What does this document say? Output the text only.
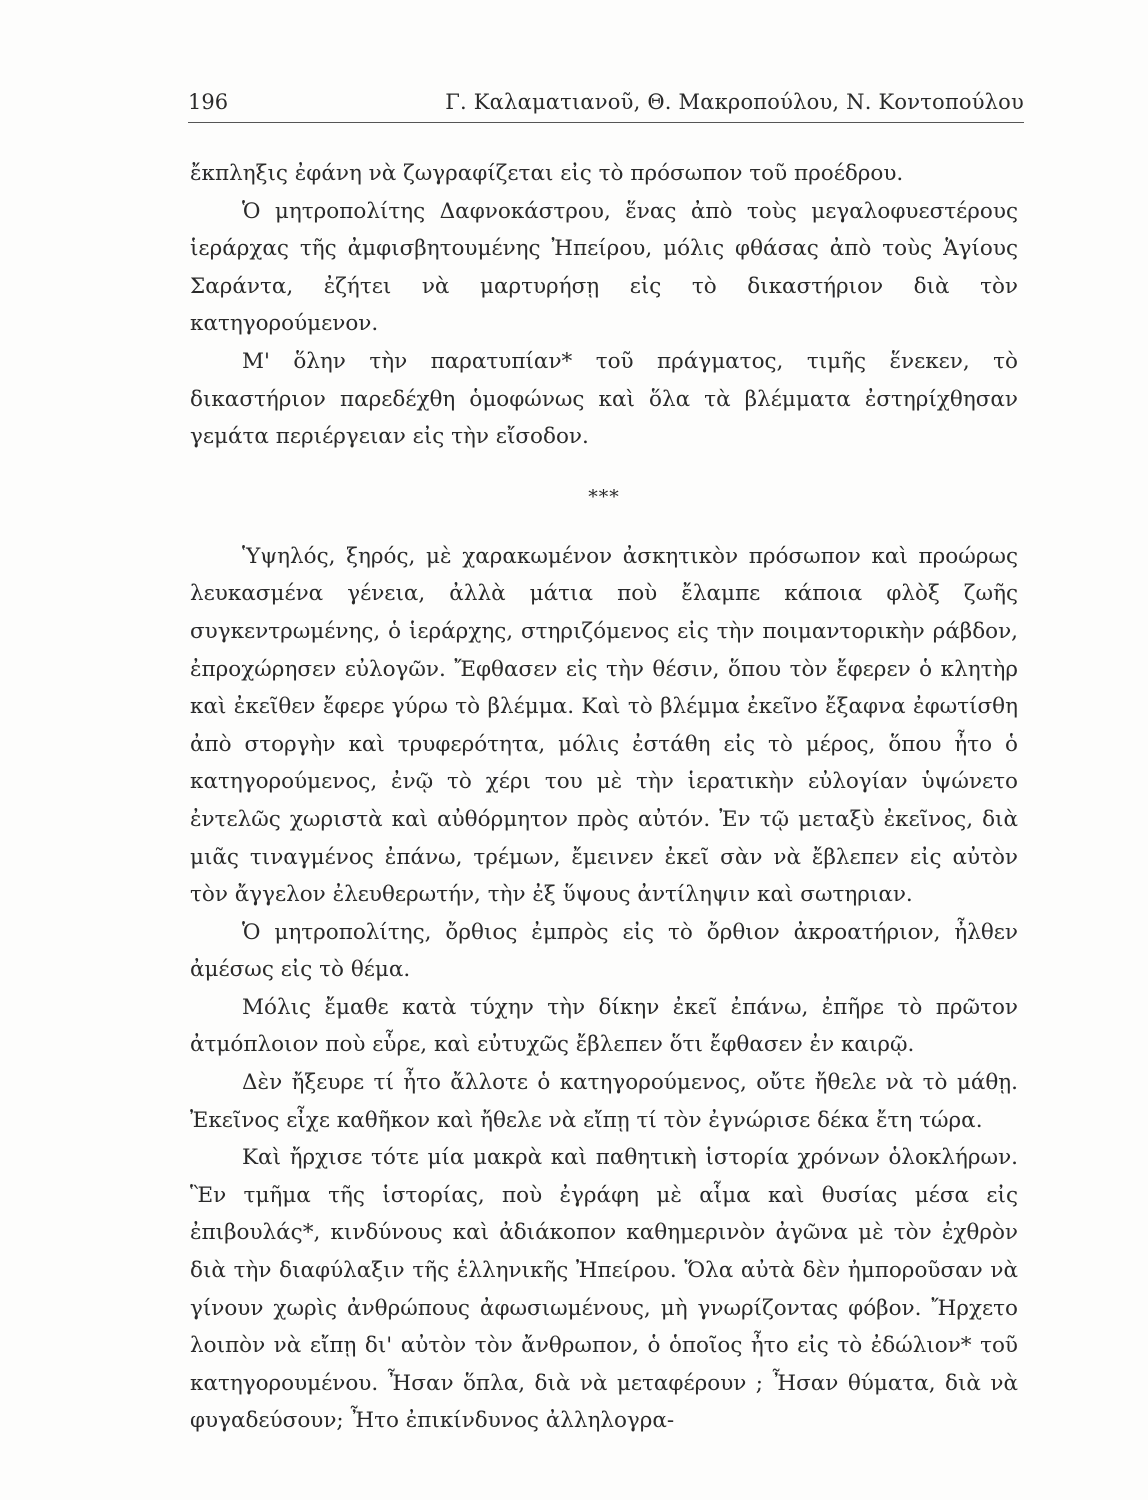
196	Γ. Καλαματιανοῦ, Θ. Μακροπούλου, Ν. Κοντοπούλου

ἔκπληξις ἐφάνη νὰ ζωγραφίζεται εἰς τὸ πρόσωπον τοῦ προέδρου.

Ὁ μητροπολίτης Δαφνοκάστρου, ἕνας ἀπὸ τοὺς μεγαλοφυεστέρους ἱεράρχας τῆς ἀμφισβητουμένης Ἠπείρου, μόλις φθάσας ἀπὸ τοὺς Ἁγίους Σαράντα, ἐζήτει νὰ μαρτυρήσῃ εἰς τὸ δικαστήριον διὰ τὸν κατηγορούμενον.

Μ' ὅλην τὴν παρατυπίαν* τοῦ πράγματος, τιμῆς ἕνεκεν, τὸ δικαστήριον παρεδέχθη ὁμοφώνως καὶ ὅλα τὰ βλέμματα ἐστηρίχθησαν γεμάτα περιέργειαν εἰς τὴν εἴσοδον.

***

Ὑψηλός, ξηρός, μὲ χαρακωμένον ἀσκητικὸν πρόσωπον καὶ προώρως λευκασμένα γένεια, ἀλλὰ μάτια ποὺ ἔλαμπε κάποια φλὸξ ζωῆς συγκεντρωμένης, ὁ ἱεράρχης, στηριζόμενος εἰς τὴν ποιμαντορικὴν ράβδον, ἐπροχώρησεν εὐλογῶν. Ἔφθασεν εἰς τὴν θέσιν, ὅπου τὸν ἔφερεν ὁ κλητὴρ καὶ ἐκεῖθεν ἔφερε γύρω τὸ βλέμμα. Καὶ τὸ βλέμμα ἐκεῖνο ἔξαφνα ἐφωτίσθη ἀπὸ στοργὴν καὶ τρυφερότητα, μόλις ἐστάθη εἰς τὸ μέρος, ὅπου ἦτο ὁ κατηγορούμενος, ἐνῷ τὸ χέρι του μὲ τὴν ἱερατικὴν εὐλογίαν ὑψώνετο ἐντελῶς χωριστὰ καὶ αὐθόρμητον πρὸς αὐτόν. Ἐν τῷ μεταξὺ ἐκεῖνος, διὰ μιᾶς τιναγμένος ἐπάνω, τρέμων, ἔμεινεν ἐκεῖ σὰν νὰ ἔβλεπεν εἰς αὐτὸν τὸν ἄγγελον ἐλευθερωτήν, τὴν ἐξ ὕψους ἀντίληψιν καὶ σωτηριαν.

Ὁ μητροπολίτης, ὄρθιος ἐμπρὸς εἰς τὸ ὄρθιον ἀκροατήριον, ἦλθεν ἀμέσως εἰς τὸ θέμα.

Μόλις ἔμαθε κατὰ τύχην τὴν δίκην ἐκεῖ ἐπάνω, ἐπῆρε τὸ πρῶτον ἀτμόπλοιον ποὺ εὗρε, καὶ εὐτυχῶς ἔβλεπεν ὅτι ἔφθασεν ἐν καιρῷ.

Δὲν ἤξευρε τί ἦτο ἄλλοτε ὁ κατηγορούμενος, οὔτε ἤθελε νὰ τὸ μάθῃ. Ἐκεῖνος εἶχε καθῆκον καὶ ἤθελε νὰ εἴπῃ τί τὸν ἐγνώρισε δέκα ἔτη τώρα.

Καὶ ἤρχισε τότε μία μακρὰ καὶ παθητικὴ ἱστορία χρόνων ὁλοκλήρων. Ἓν τμῆμα τῆς ἱστορίας, ποὺ ἐγράφη μὲ αἷμα καὶ θυσίας μέσα εἰς ἐπιβουλάς*, κινδύνους καὶ ἀδιάκοπον καθημερινὸν ἀγῶνα μὲ τὸν ἐχθρὸν διὰ τὴν διαφύλαξιν τῆς ἑλληνικῆς Ἠπείρου. Ὅλα αὐτὰ δὲν ἠμποροῦσαν νὰ γίνουν χωρὶς ἀνθρώπους ἀφωσιωμένους, μὴ γνωρίζοντας φόβον. Ἤρχετο λοιπὸν νὰ εἴπῃ δι' αὐτὸν τὸν ἄνθρωπον, ὁ ὁποῖος ἦτο εἰς τὸ ἐδώλιον* τοῦ κατηγορουμένου. Ἦσαν ὅπλα, διὰ νὰ μεταφέρουν ; Ἦσαν θύματα, διὰ νὰ φυγαδεύσουν; Ἦτο ἐπικίνδυνος ἀλληλογρα-
